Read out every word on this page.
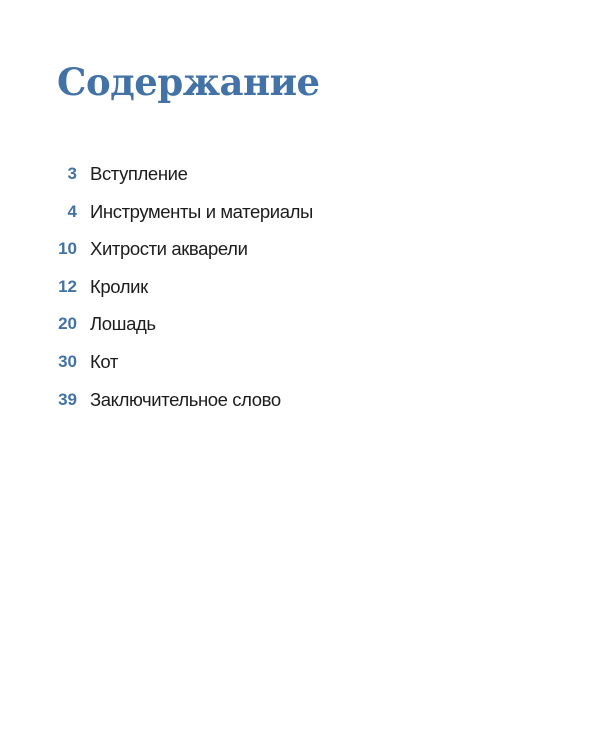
Содержание
3 Вступление
4 Инструменты и материалы
10 Хитрости акварели
12 Кролик
20 Лошадь
30 Кот
39 Заключительное слово
